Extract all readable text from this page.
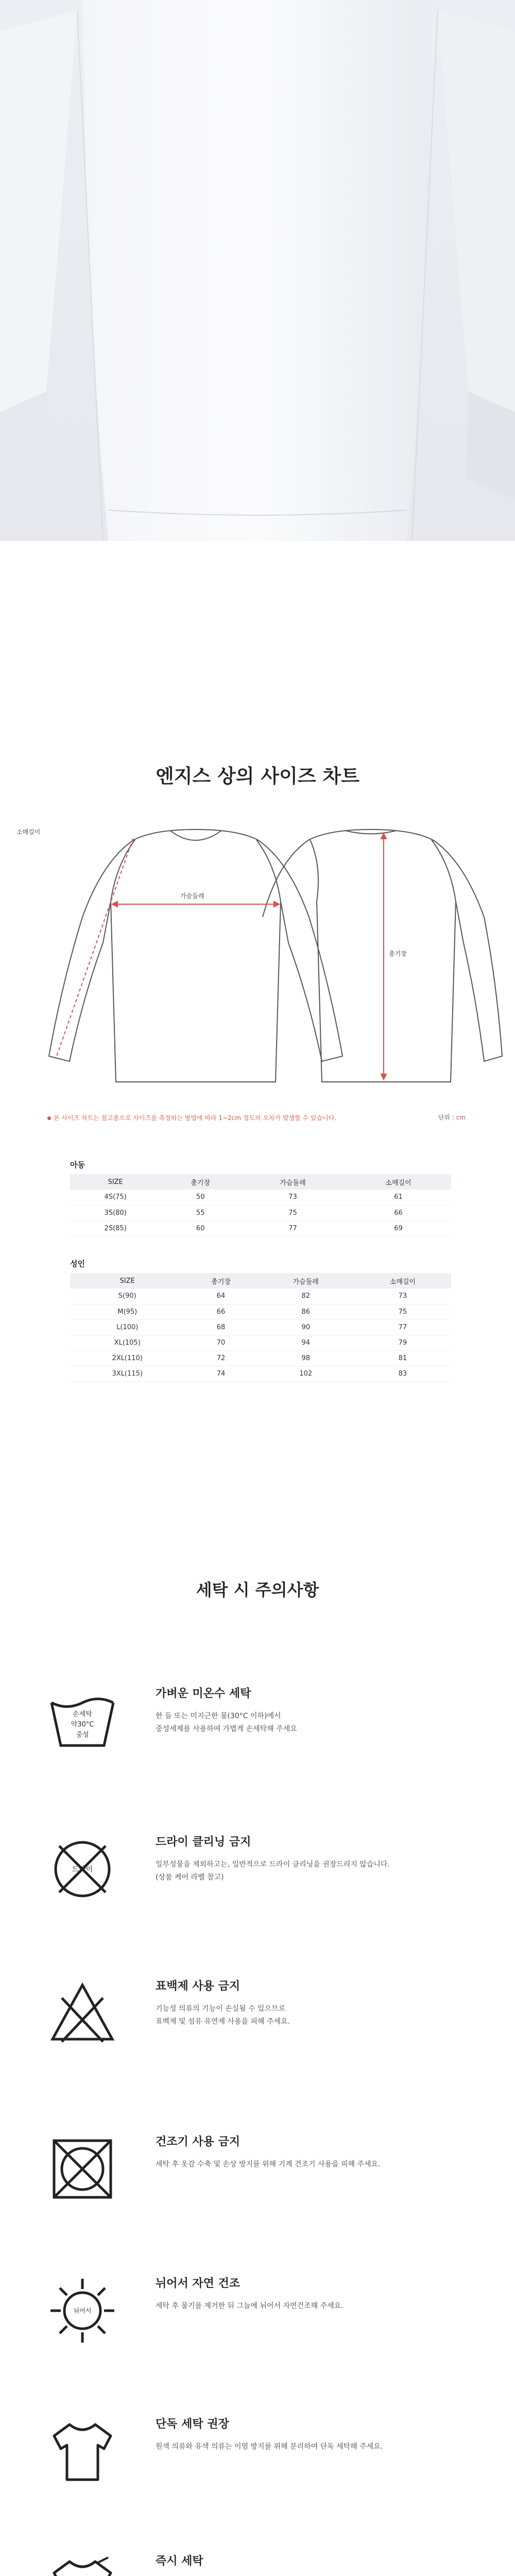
엔지스 상의 사이즈 차트
소매길이
가슴둘레
총기장
본 사이즈 차트는 참고용으로 사이즈를 측정하는 방법에 따라 1~2cm 정도의 오차가 발생할 수 있습니다.	단위 : cm
아동
SIZE	총기장	가슴둘레	소매길이
4S(75)	50	73	61
3S(80)	55	75	66
2S(85)	60	77	69
성인
SIZE	총기장	가슴둘레	소매길이
S(90)	64	82	73
M(95)	66	86	75
L(100)	68	90	77
XL(105)	70	94	79
2XL(110)	72	98	81
3XL(115)	74	102	83
세탁 시 주의사항
손세탁
약30°C
중성
가벼운 미온수 세탁
한 들 또는 미지근한 물(30°C 이하)에서
중성세제를 사용하여 가볍게 손세탁해 주세요
드라이
드라이 클리닝 금지
일부성물을 제외하고는, 일반적으로 드라이 클리닝을 권장드리지 않습니다.
(상품 케어 라벨 참고)
표백제 사용 금지
기능성 의류의 기능이 손실될 수 있으므로
표백제 및 섬유 유연제 사용을 피해 주세요.
건조기 사용 금지
세탁 후 옷감 수축 및 손상 방지를 위해 기계 건조기 사용을 피해 주세요.
뉘어서
뉘어서 자연 건조
세탁 후 물기를 제거한 뒤 그늘에 뉘어서 자연건조해 주세요.
단독 세탁 권장
원색 의류와 유색 의류는 이염 방지를 위해 분리하여 단독 세탁해 주세요.
즉시 세탁
